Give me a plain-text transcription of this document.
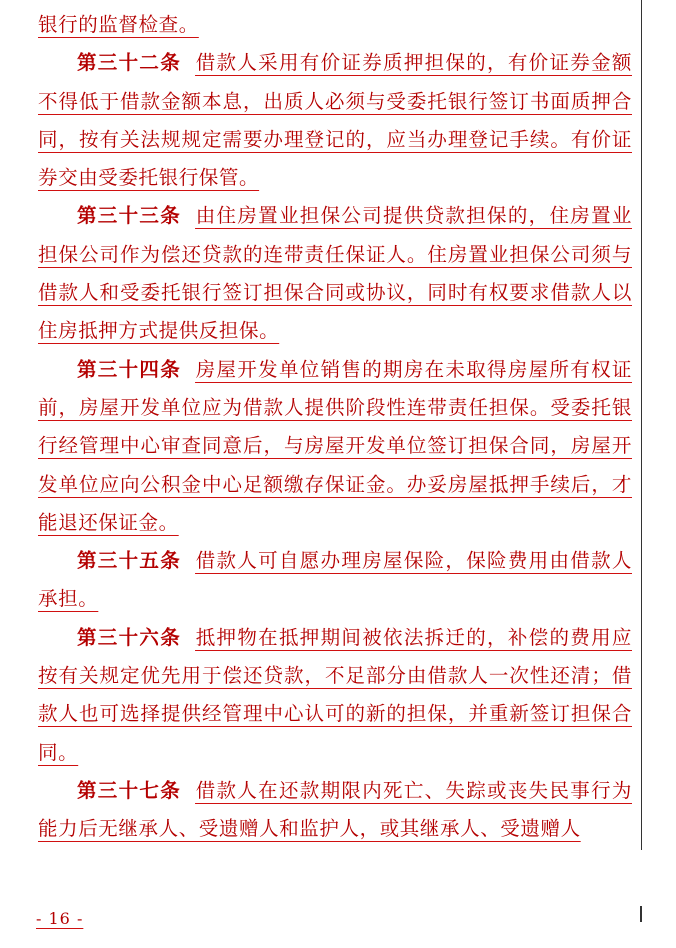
银行的监督检查。

第三十二条 借款人采用有价证券质押担保的，有价证券金额不得低于借款金额本息，出质人必须与受委托银行签订书面质押合同，按有关法规规定需要办理登记的，应当办理登记手续。有价证券交由受委托银行保管。

第三十三条 由住房置业担保公司提供贷款担保的，住房置业担保公司作为偿还贷款的连带责任保证人。住房置业担保公司须与借款人和受委托银行签订担保合同或协议，同时有权要求借款人以住房抵押方式提供反担保。

第三十四条 房屋开发单位销售的期房在未取得房屋所有权证前，房屋开发单位应为借款人提供阶段性连带责任担保。受委托银行经管理中心审查同意后，与房屋开发单位签订担保合同，房屋开发单位应向公积金中心足额缴存保证金。办妥房屋抵押手续后，才能退还保证金。

第三十五条 借款人可自愿办理房屋保险，保险费用由借款人承担。

第三十六条 抵押物在抵押期间被依法拆迁的，补偿的费用应按有关规定优先用于偿还贷款，不足部分由借款人一次性还清；借款人也可选择提供经管理中心认可的新的担保，并重新签订担保合同。

第三十七条 借款人在还款期限内死亡、失踪或丧失民事行为能力后无继承人、受遗赠人和监护人，或其继承人、受遗赠人

- 16 -
